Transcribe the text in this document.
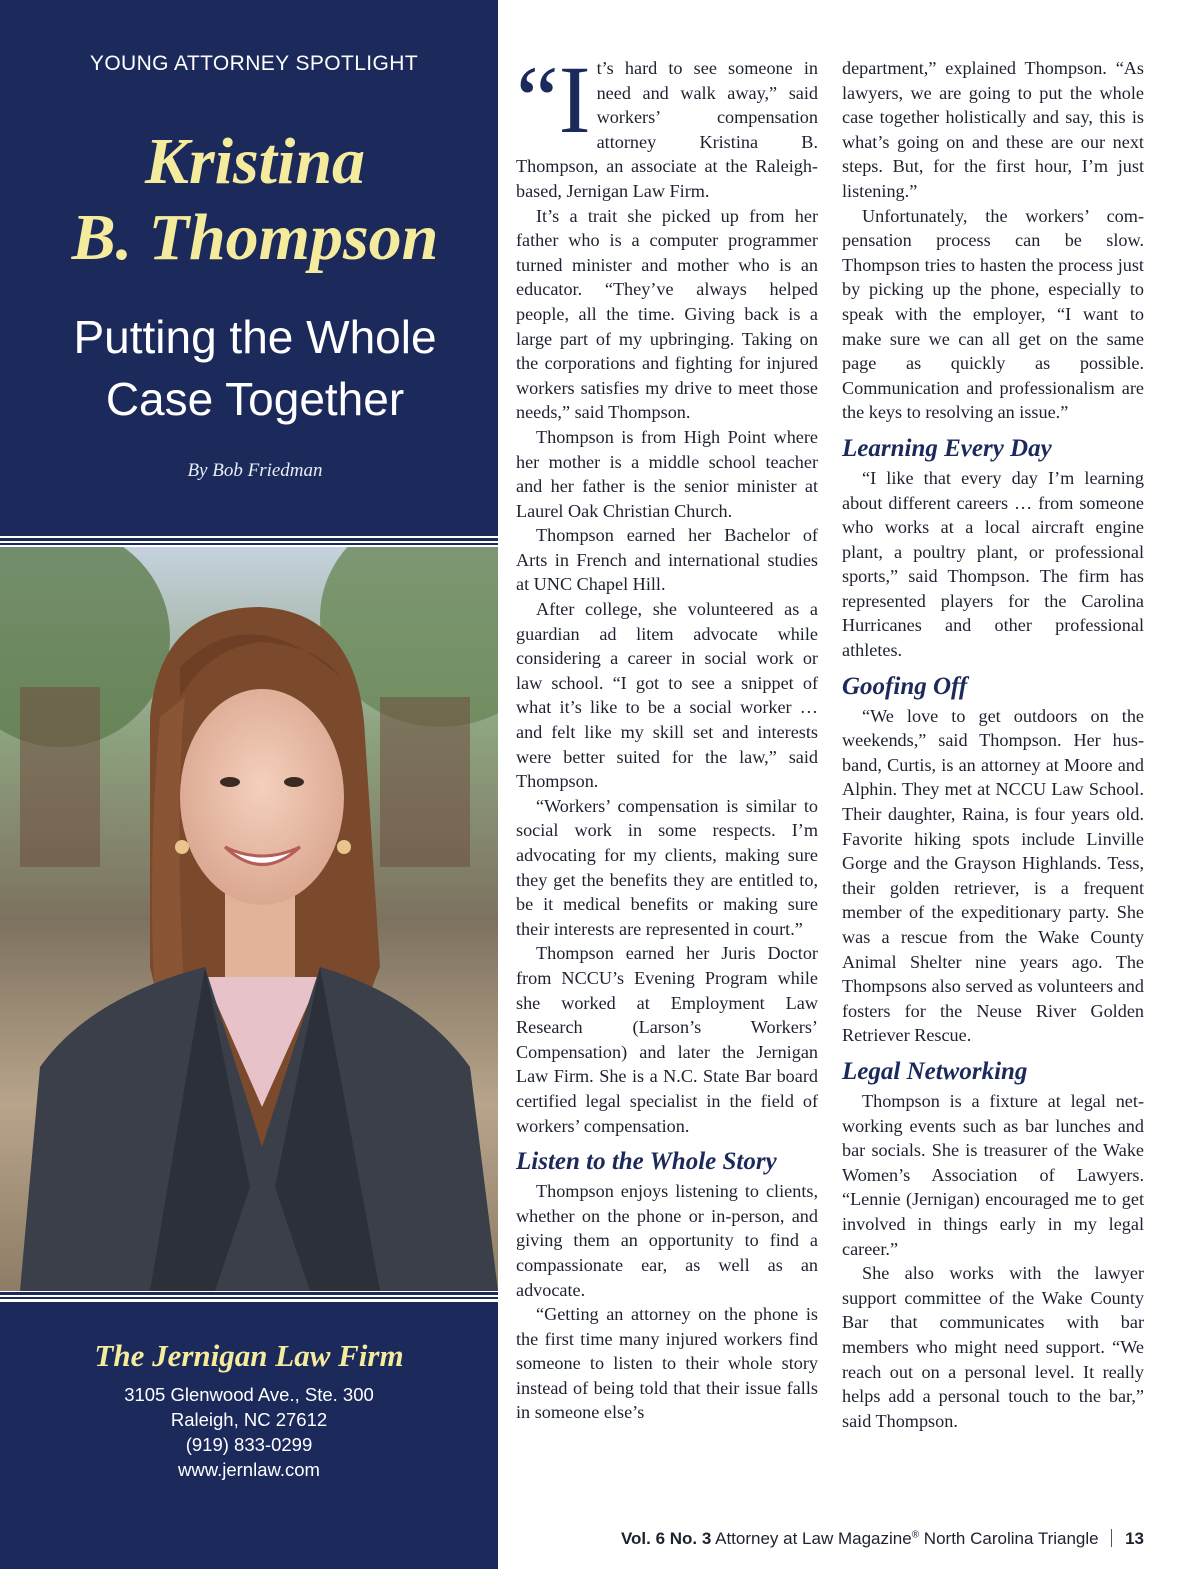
YOUNG ATTORNEY SPOTLIGHT
Kristina
B. Thompson
Putting the Whole
Case Together
By Bob Friedman
The Jernigan Law Firm
3105 Glenwood Ave., Ste. 300
Raleigh, NC 27612
(919) 833-0299
www.jernlaw.com
“I t’s hard to see someone in need and walk away,” said workers’ compensation attorney Kristina B. Thompson, an associate at the Raleigh-based, Jernigan Law Firm.

It’s a trait she picked up from her father who is a computer programmer turned minister and mother who is an educator. “They’ve always helped people, all the time. Giving back is a large part of my upbringing. Taking on the corporations and fighting for injured workers satisfies my drive to meet those needs,” said Thompson.

Thompson is from High Point where her mother is a middle school teacher and her father is the senior minister at Laurel Oak Christian Church.

Thompson earned her Bachelor of Arts in French and international studies at UNC Chapel Hill.

After college, she volunteered as a guardian ad litem advocate while considering a career in social work or law school. “I got to see a snippet of what it’s like to be a social worker … and felt like my skill set and interests were better suited for the law,” said Thompson.

“Workers’ compensation is similar to social work in some respects. I’m advocating for my clients, making sure they get the benefits they are entitled to, be it medical benefits or making sure their interests are represented in court.”

Thompson earned her Juris Doctor from NCCU’s Evening Program while she worked at Employment Law Research (Larson’s Workers’ Compensation) and later the Jernigan Law Firm. She is a N.C. State Bar board certified legal specialist in the field of workers’ compensation.

Listen to the Whole Story

Thompson enjoys listening to clients, whether on the phone or in-person, and giving them an opportunity to find a compassionate ear, as well as an advocate.

“Getting an attorney on the phone is the first time many injured workers find someone to listen to their whole story instead of being told that their issue falls in someone else’s

department,” explained Thompson. “As lawyers, we are going to put the whole case together holistically and say, this is what’s going on and these are our next steps. But, for the first hour, I’m just listening.”

Unfortunately, the workers’ compensation process can be slow. Thompson tries to hasten the process just by picking up the phone, especially to speak with the employer, “I want to make sure we can all get on the same page as quickly as possible. Communication and professionalism are the keys to resolving an issue.”

Learning Every Day

“I like that every day I’m learning about different careers … from someone who works at a local aircraft engine plant, a poultry plant, or professional sports,” said Thompson. The firm has represented players for the Carolina Hurricanes and other professional athletes.

Goofing Off

“We love to get outdoors on the weekends,” said Thompson. Her husband, Curtis, is an attorney at Moore and Alphin. They met at NCCU Law School. Their daughter, Raina, is four years old. Favorite hiking spots include Linville Gorge and the Grayson Highlands. Tess, their golden retriever, is a frequent member of the expeditionary party. She was a rescue from the Wake County Animal Shelter nine years ago. The Thompsons also served as volunteers and fosters for the Neuse River Golden Retriever Rescue.

Legal Networking

Thompson is a fixture at legal networking events such as bar lunches and bar socials. She is treasurer of the Wake Women’s Association of Lawyers. “Lennie (Jernigan) encouraged me to get involved in things early in my legal career.”

She also works with the lawyer support committee of the Wake County Bar that communicates with bar members who might need support. “We reach out on a personal level. It really helps add a personal touch to the bar,” said Thompson.

Vol. 6 No. 3 Attorney at Law Magazine® North Carolina Triangle 13
